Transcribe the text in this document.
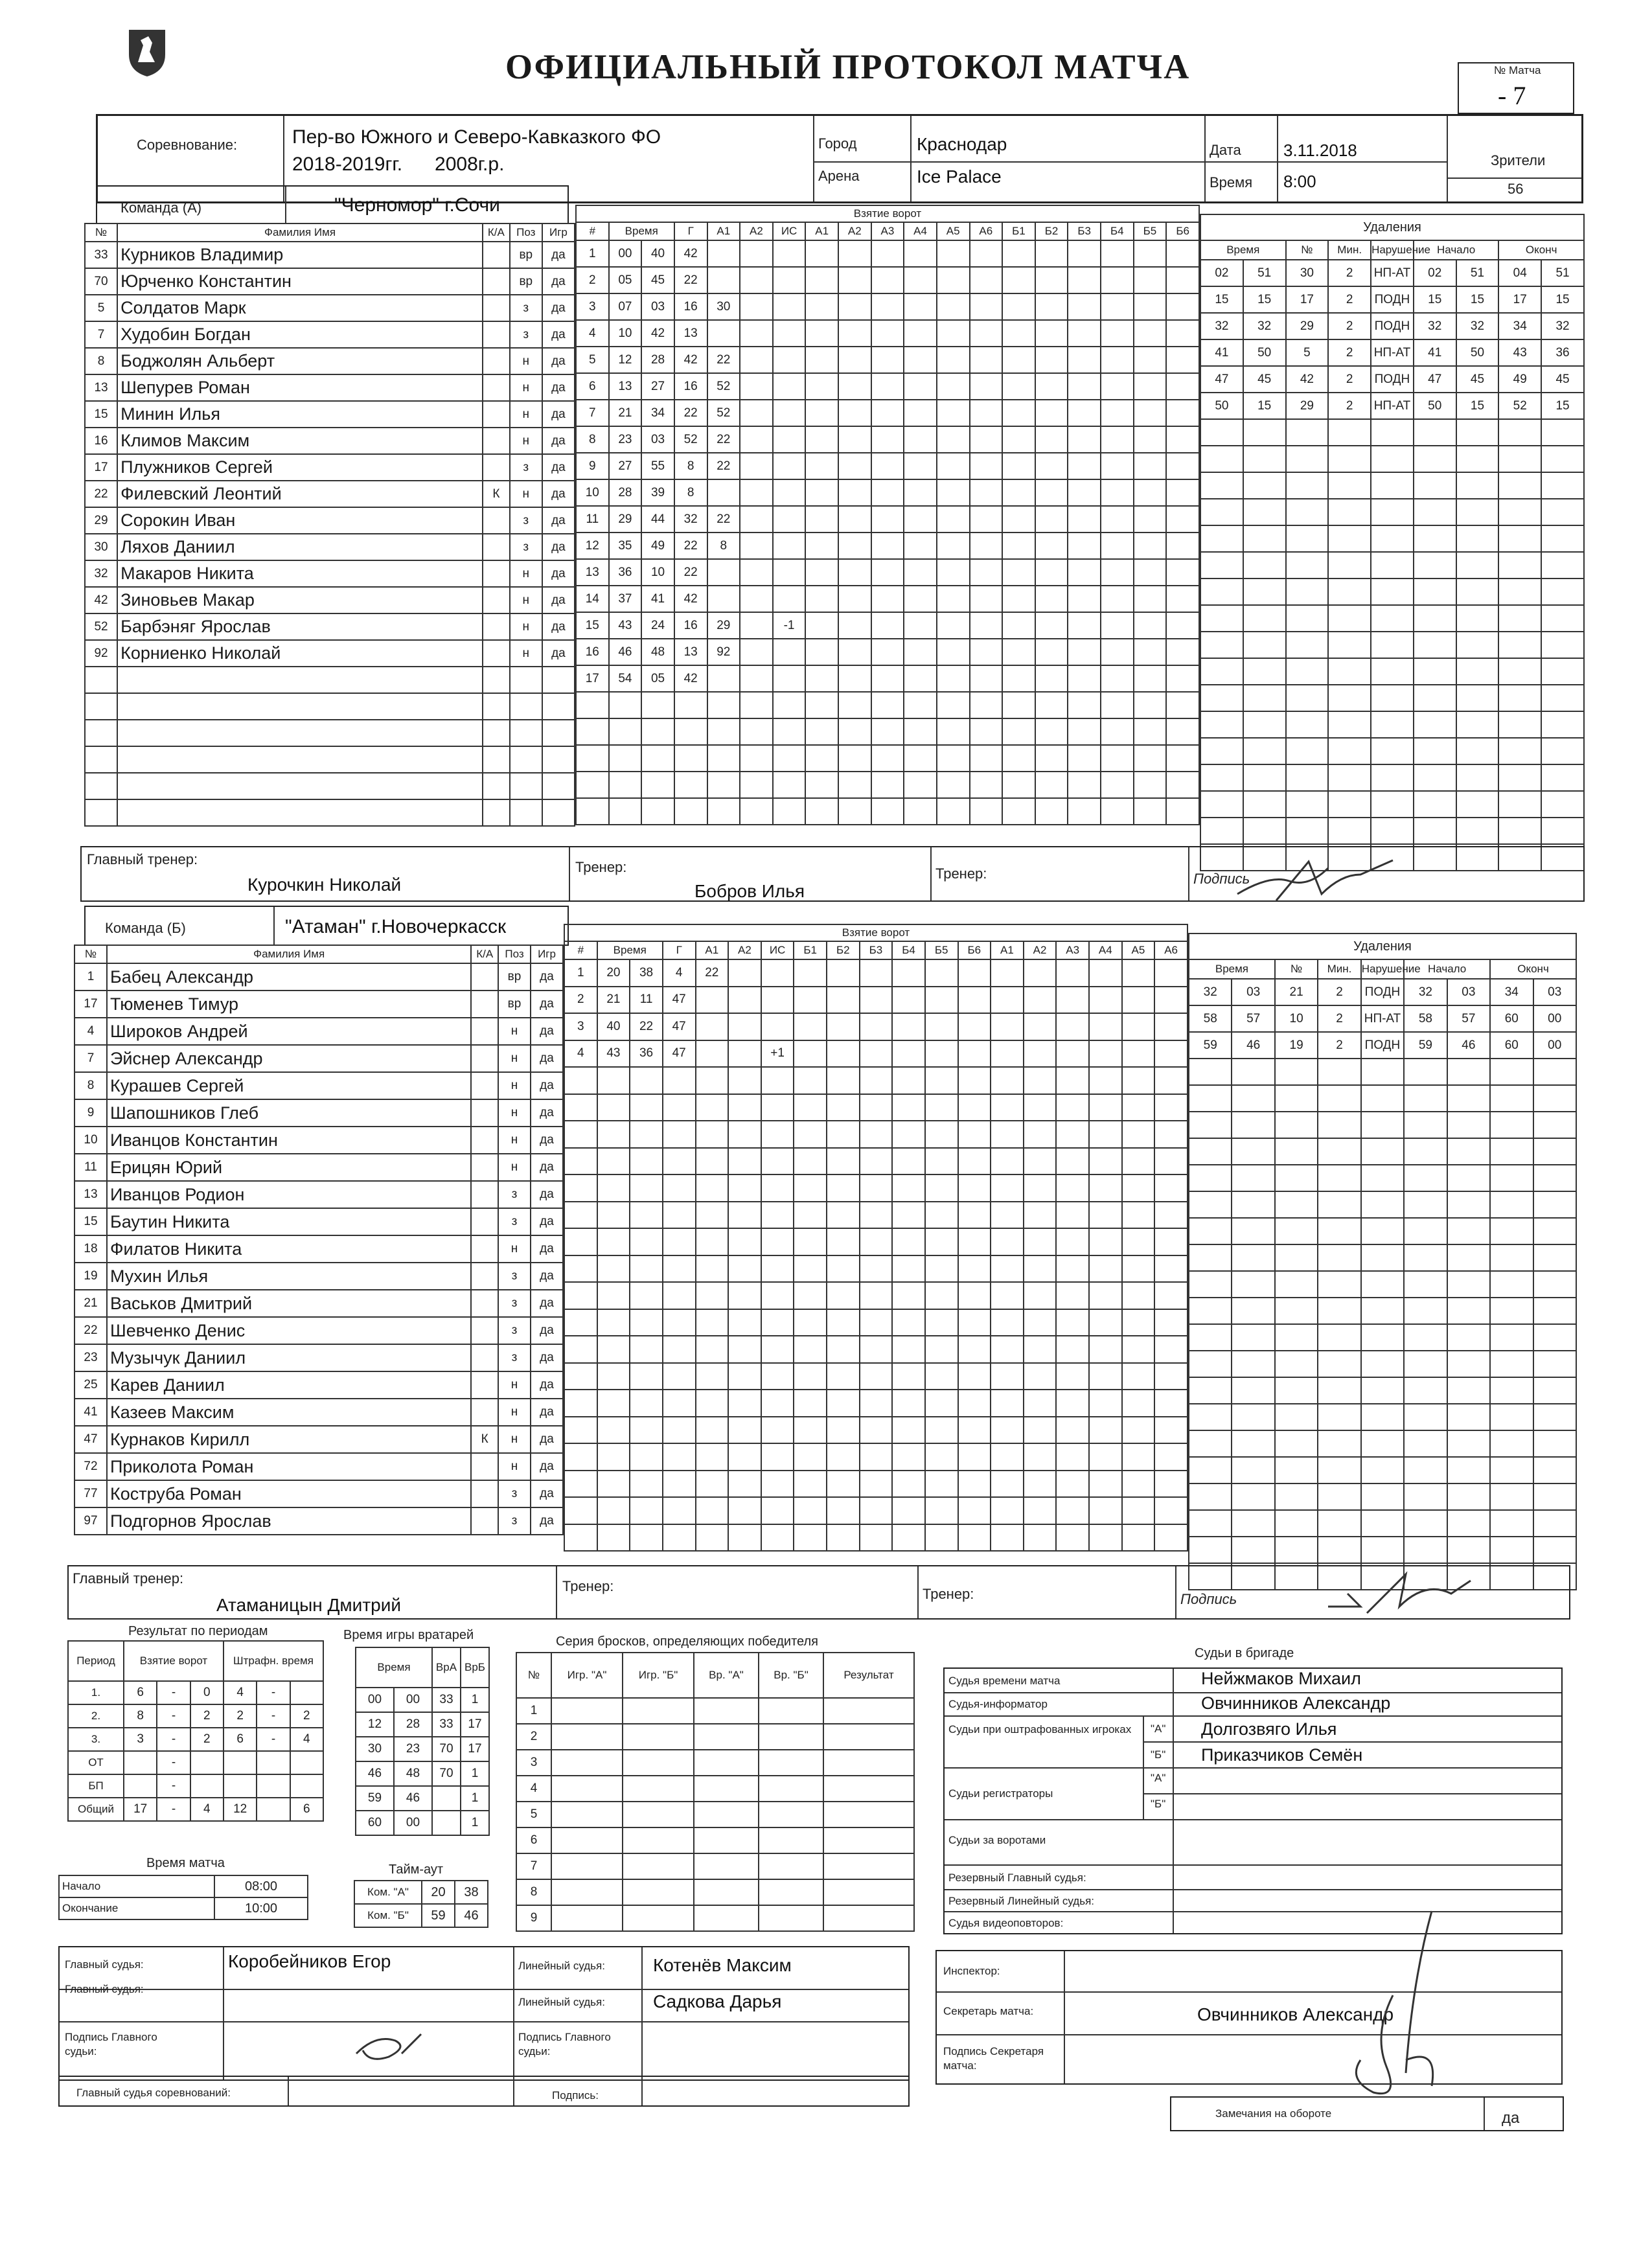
ОФИЦИАЛЬНЫЙ ПРОТОКОЛ МАТЧА	№ Матча
- 7
Соревнование:	Пер-во Южного и Северо-Кавказкого ФО
2018-2019гг.      2008г.р.
Город	Краснодар
Арена	Ice Palace
Дата	3.11.2018
Время 8:00
Зрители
56
Команда (А)	"Черномор" г.Сочи
№	Фамилия Имя	К/А	Поз	Игр
33	Курников Владимир		вр	да
70	Юрченко Константин		вр	да
5	Солдатов Марк		з	да
7	Худобин Богдан		з	да
8	Боджолян Альберт		н	да
13	Шепурев Роман		н	да
15	Минин Илья		н	да
16	Климов Максим		н	да
17	Плужников Сергей		з	да
22	Филевский Леонтий	К	н	да
29	Сорокин Иван		з	да
30	Ляхов Даниил		з	да
32	Макаров Никита		н	да
42	Зиновьев Макар		н	да
52	Барбэняг Ярослав		н	да
92	Корниенко Николай		н	да

Взятие ворот																		
#	Время		Г	А1	А2	ИС	А1	А2	А3	А4	А5	А6	Б1	Б2	Б3	Б4	Б5	Б6
1	00	40	42															
2	05	45	22															
3	07	03	16	30														
4	10	42	13															
5	12	28	42	22														
6	13	27	16	52														
7	21	34	22	52														
8	23	03	52	22														
9	27	55	8	22														
10	28	39	8															
11	29	44	32	22														
12	35	49	22	8														
13	36	10	22															
14	37	41	42															
15	43	24	16	29		-1												
16	46	48	13	92														
17	54	05	42															

Удаления								
Время		№	Мин.	Нарушение	Начало		Оконч	
02	51	30	2	НП-АТ	02	51	04	51
15	15	17	2	ПОДН	15	15	17	15
32	32	29	2	ПОДН	32	32	34	32
41	50	5	2	НП-АТ	41	50	43	36
47	45	42	2	ПОДН	47	45	49	45
50	15	29	2	НП-АТ	50	15	52	15

Главный тренер:
Курочкин Николай
Тренер:
Бобров Илья
Тренер:	Подпись
Команда (Б)	"Атаман" г.Новочеркасск
№	Фамилия Имя	К/А	Поз	Игр
1	Бабец Александр		вр	да
17	Тюменев Тимур		вр	да
4	Широков Андрей		н	да
7	Эйснер Александр		н	да
8	Курашев Сергей		н	да
9	Шапошников Глеб		н	да
10	Иванцов Константин		н	да
11	Ерицян Юрий		н	да
13	Иванцов Родион		з	да
15	Баутин Никита		з	да
18	Филатов Никита		н	да
19	Мухин Илья		з	да
21	Васьков Дмитрий		з	да
22	Шевченко Денис		з	да
23	Музычук Даниил		з	да
25	Карев Даниил		н	да
41	Казеев Максим		н	да
47	Курнаков Кирилл	К	н	да
72	Приколота Роман		н	да
77	Коструба Роман		з	да
97	Подгорнов Ярослав		з	да
Взятие ворот																		
#	Время		Г	А1	А2	ИС	Б1	Б2	Б3	Б4	Б5	Б6	А1	А2	А3	А4	А5	А6
1	20	38	4	22														
2	21	11	47															
3	40	22	47															
4	43	36	47			+1												

Удаления								
Время		№	Мин.	Нарушение	Начало		Оконч	
32	03	21	2	ПОДН	32	03	34	03
58	57	10	2	НП-АТ	58	57	60	00
59	46	19	2	ПОДН	59	46	60	00

Главный тренер:
Атаманицын Дмитрий
Тренер:	Тренер:	Подпись
Результат по периодам
Период	Взятие ворот			Штрафн. время		
1.	6	-	0	4	-	
2.	8	-	2	2	-	2
3.	3	-	2	6	-	4
ОТ		-				
БП		-				
Общий	17	-	4	12		6
Время игры вратарей
Время		ВрА	ВрБ
00	00	33	1
12	28	33	17
30	23	70	17
46	48	70	1
59	46		1
60	00		1
Время матча
Начало	08:00
Окончание	10:00
Тайм-аут
Ком. "А"	20	38
Ком. "Б"	59	46
Серия бросков, определяющих победителя
№	Игр. "А"	Игр. "Б"	Вр. "А"	Вр. "Б"	Результат
1					
2					
3					
4					
5					
6					
7					
8					
9					
Судьи в бригаде
Судья времени матча	Нейжмаков Михаил
Судья-информатор	Овчинников Александр
Судьи при оштрафованных игроках	"А" Долгозвяго Илья
"Б" Приказчиков Семён
Судьи регистраторы
"А"
"Б"
Судьи за воротами
Резервный Главный судья:
Резервный Линейный судья:
Судья видеоповторов:
Главный судья:	Коробейников Егор
Главный судья:
Линейный судья:	Котенёв Максим
Линейный судья:	Садкова Дарья
Подпись Главного судьи:
Подпись Главного судьи:
Главный судья соревнований:	Подпись:
Инспектор:
Секретарь матча:	Овчинников Александр
Подпись Секретаря матча:
Замечания на обороте	да
